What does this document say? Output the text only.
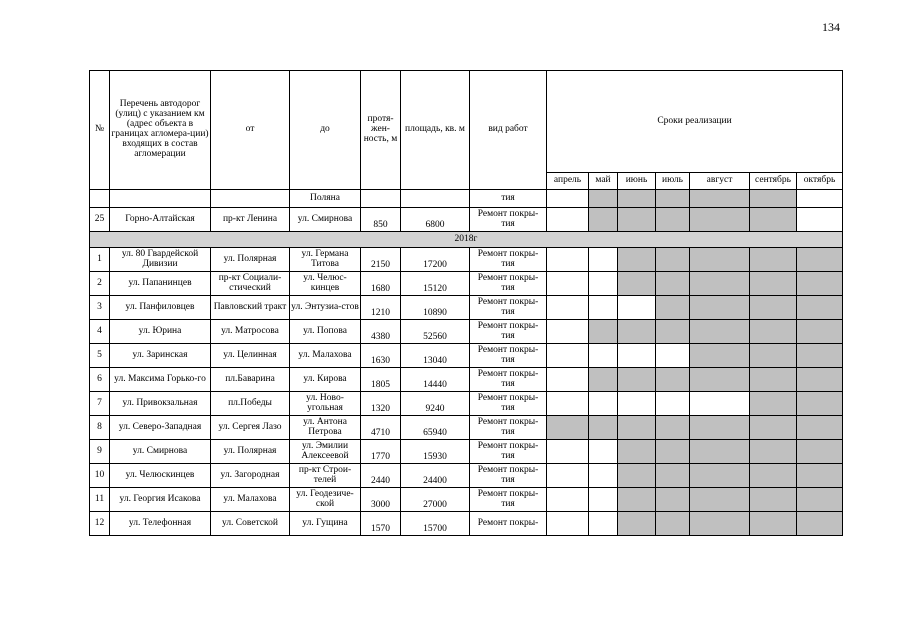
134
№	Перечень автодорог (улиц) с указанием км (адрес объекта в границах агломера-ции) входящих в состав агломерации	от	до	протя-жен-ность, м	площадь, кв. м	вид работ	Сроки реализации						
							апрель	май	июнь	июль	август	сентябрь	октябрь
			Поляна			тия							
25	Горно-Алтайская	пр-кт Ленина	ул. Смирнова	850	6800	Ремонт покры-тия							
2018г													
1	ул. 80 Гвардейской Дивизии	ул. Полярная	ул. Германа Титова	2150	17200	Ремонт покры-тия							
2	ул. Папанинцев	пр-кт Социали-стический	ул. Челюс-кинцев	1680	15120	Ремонт покры-тия							
3	ул. Панфиловцев	Павловский тракт	ул. Энтузиа-стов	1210	10890	Ремонт покры-тия							
4	ул. Юрина	ул. Матросова	ул. Попова	4380	52560	Ремонт покры-тия							
5	ул. Заринская	ул. Целинная	ул. Малахова	1630	13040	Ремонт покры-тия							
6	ул. Максима Горько-го	пл.Баварина	ул. Кирова	1805	14440	Ремонт покры-тия							
7	ул. Привокзальная	пл.Победы	ул. Ново-угольная	1320	9240	Ремонт покры-тия							
8	ул. Северо-Западная	ул. Сергея Лазо	ул. Антона Петрова	4710	65940	Ремонт покры-тия							
9	ул. Смирнова	ул. Полярная	ул. Эмилии Алексеевой	1770	15930	Ремонт покры-тия							
10	ул. Челюскинцев	ул. Загородная	пр-кт Строи-телей	2440	24400	Ремонт покры-тия							
11	ул. Георгия Исакова	ул. Малахова	ул. Геодезиче-ской	3000	27000	Ремонт покры-тия							
12	ул. Телефонная	ул. Советской	ул. Гущина	1570	15700	Ремонт покры-							
